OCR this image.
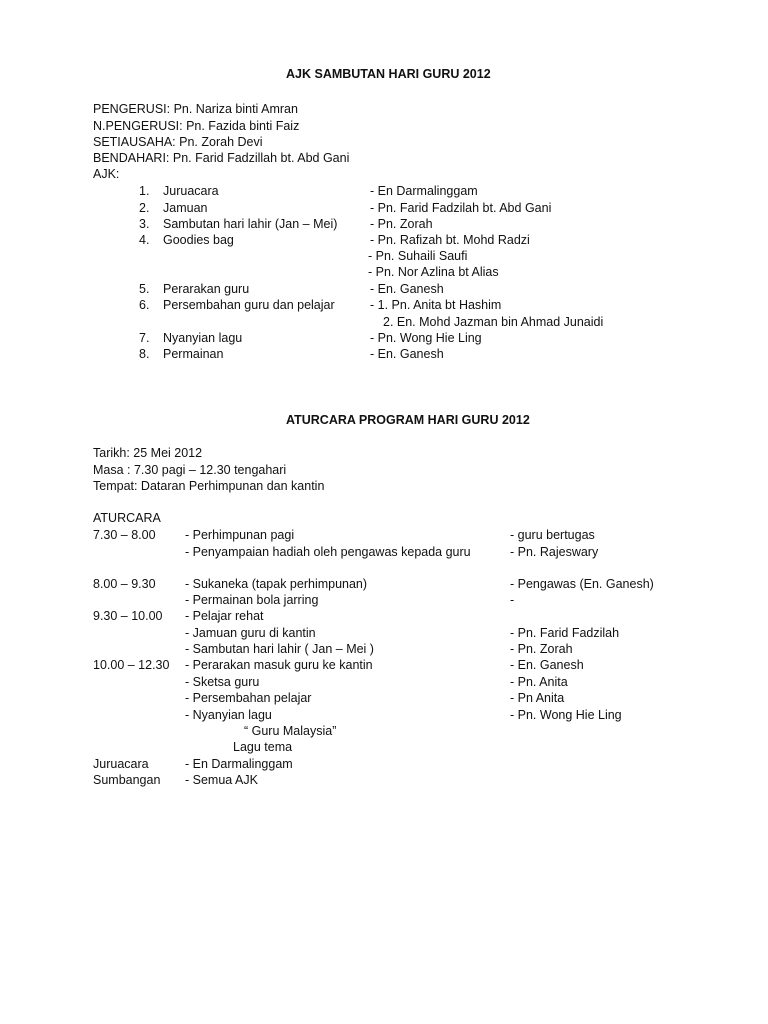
AJK SAMBUTAN HARI GURU 2012
PENGERUSI: Pn. Nariza binti Amran
N.PENGERUSI: Pn. Fazida binti Faiz
SETIAUSAHA: Pn. Zorah Devi
BENDAHARI: Pn. Farid Fadzillah bt. Abd Gani
AJK:
1. Juruacara	- En Darmalinggam
2. Jamuan	- Pn. Farid Fadzilah bt. Abd Gani
3. Sambutan hari lahir (Jan – Mei)	- Pn. Zorah
4. Goodies bag	- Pn. Rafizah bt. Mohd Radzi
- Pn. Suhaili Saufi
- Pn. Nor Azlina bt Alias
5. Perarakan guru	- En. Ganesh
6. Persembahan guru dan pelajar	- 1. Pn. Anita bt Hashim
2. En. Mohd Jazman bin Ahmad Junaidi
7. Nyanyian lagu	- Pn. Wong Hie Ling
8. Permainan	- En. Ganesh
ATURCARA PROGRAM HARI GURU 2012
Tarikh: 25 Mei 2012
Masa : 7.30 pagi – 12.30 tengahari
Tempat: Dataran Perhimpunan dan kantin
ATURCARA
7.30 – 8.00 - Perhimpunan pagi	- guru bertugas
- Penyampaian hadiah oleh pengawas kepada guru	- Pn. Rajeswary
8.00 – 9.30 - Sukaneka (tapak perhimpunan)	- Pengawas (En. Ganesh)
- Permainan bola jarring	-
9.30 – 10.00 - Pelajar rehat
- Jamuan guru di kantin	- Pn. Farid Fadzilah
- Sambutan hari lahir ( Jan – Mei )	- Pn. Zorah
10.00 – 12.30 - Perarakan masuk guru ke kantin	- En. Ganesh
- Sketsa guru	- Pn. Anita
- Persembahan pelajar	- Pn Anita
- Nyanyian lagu	- Pn. Wong Hie Ling
“ Guru Malaysia”
Lagu tema
Juruacara	- En Darmalinggam
Sumbangan - Semua AJK
